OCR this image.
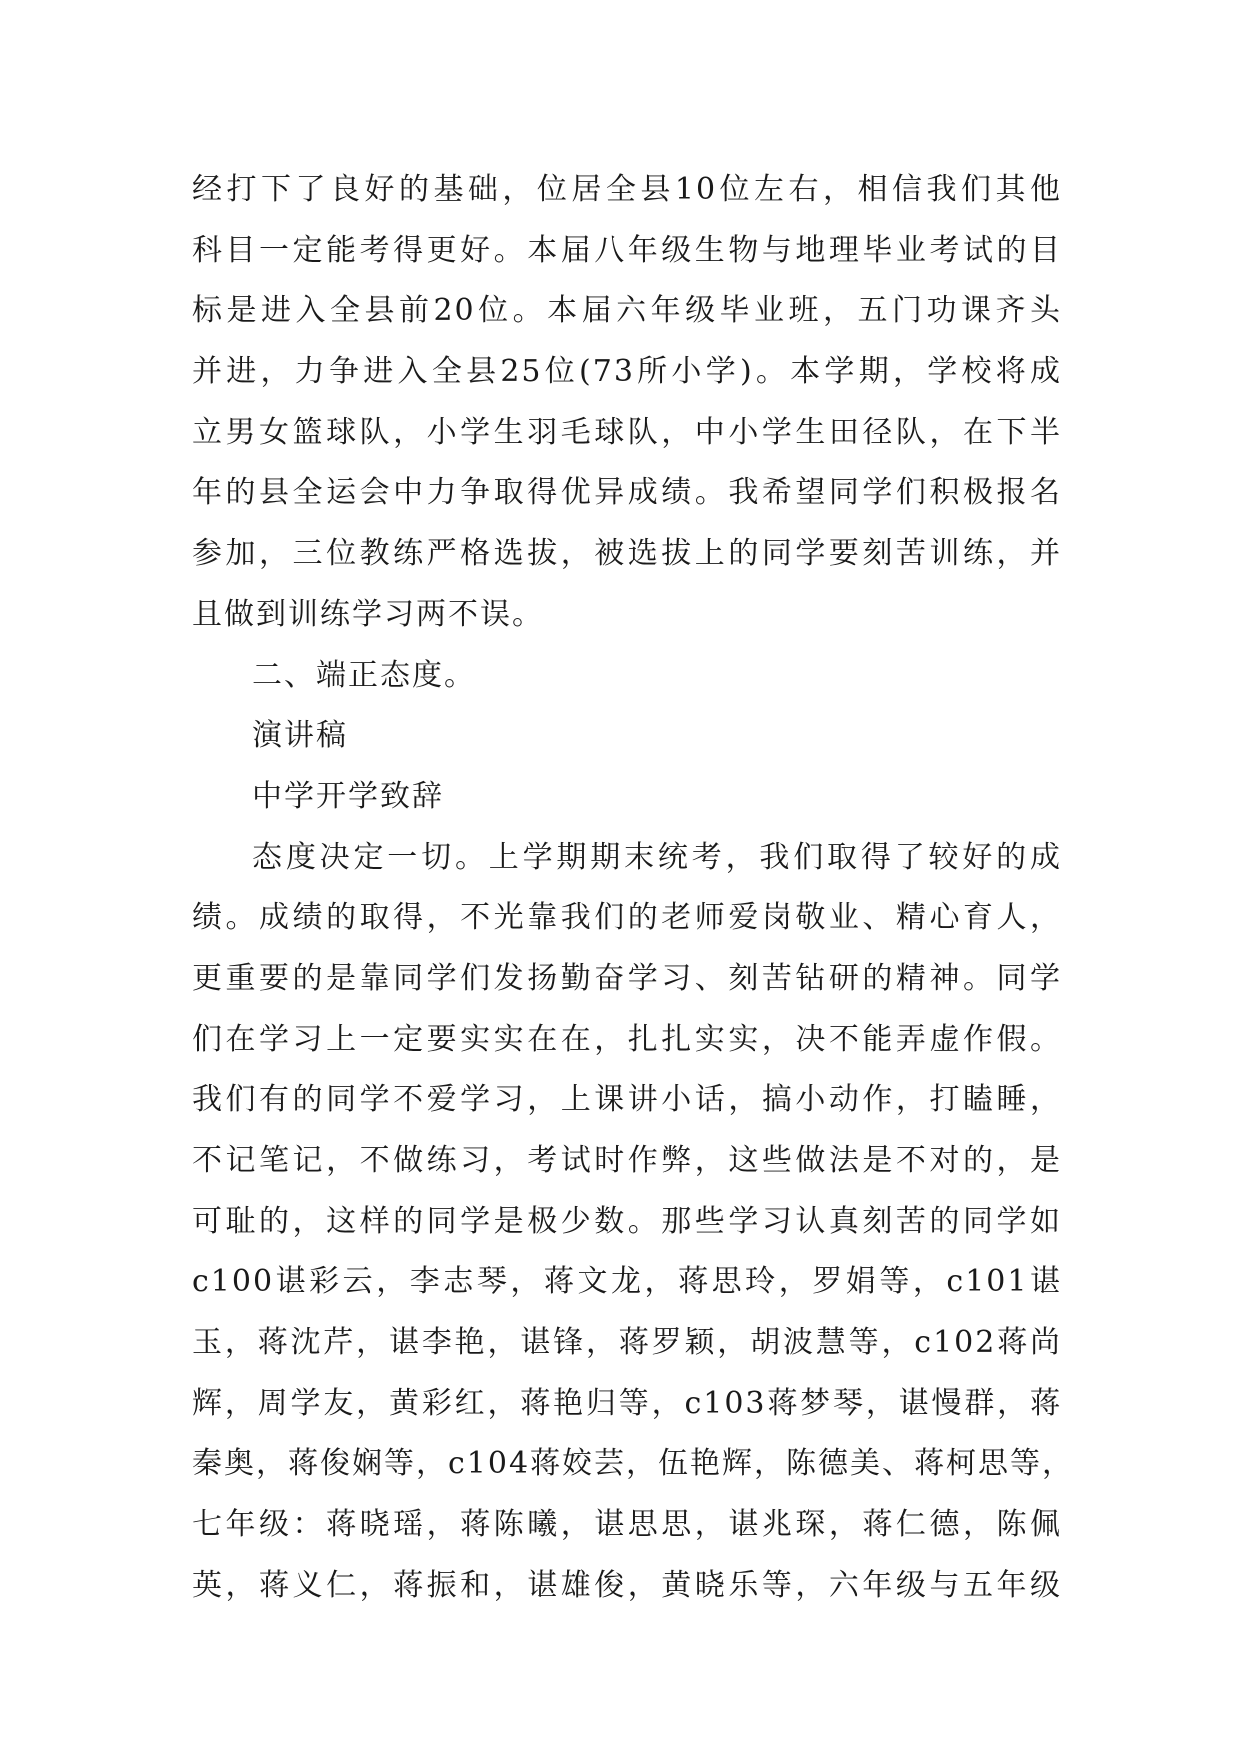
经打下了良好的基础，位居全县10位左右，相信我们其他
科目一定能考得更好。本届八年级生物与地理毕业考试的目
标是进入全县前20位。本届六年级毕业班，五门功课齐头
并进，力争进入全县25位(73所小学)。本学期，学校将成
立男女篮球队，小学生羽毛球队，中小学生田径队，在下半
年的县全运会中力争取得优异成绩。我希望同学们积极报名
参加，三位教练严格选拔，被选拔上的同学要刻苦训练，并
且做到训练学习两不误。
二、端正态度。
演讲稿
中学开学致辞
态度决定一切。上学期期末统考，我们取得了较好的成
绩。成绩的取得，不光靠我们的老师爱岗敬业、精心育人，
更重要的是靠同学们发扬勤奋学习、刻苦钻研的精神。同学
们在学习上一定要实实在在，扎扎实实，决不能弄虚作假。
我们有的同学不爱学习，上课讲小话，搞小动作，打瞌睡，
不记笔记，不做练习，考试时作弊，这些做法是不对的，是
可耻的，这样的同学是极少数。那些学习认真刻苦的同学如
c100谌彩云，李志琴，蒋文龙，蒋思玲，罗娟等，c101谌
玉，蒋沈芹，谌李艳，谌锋，蒋罗颖，胡波慧等，c102蒋尚
辉，周学友，黄彩红，蒋艳归等，c103蒋梦琴，谌慢群，蒋
秦奥，蒋俊娴等，c104蒋姣芸，伍艳辉，陈德美、蒋柯思等，
七年级：蒋晓瑶，蒋陈曦，谌思思，谌兆琛，蒋仁德，陈佩
英，蒋义仁，蒋振和，谌雄俊，黄晓乐等，六年级与五年级
